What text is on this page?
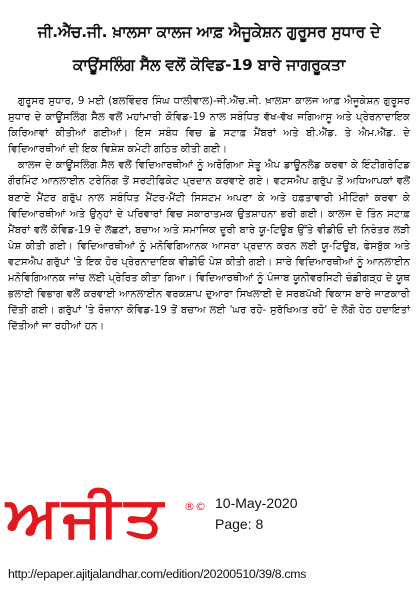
ਜੀ.ਐੱਚ.ਜੀ. ਖ਼ਾਲਸਾ ਕਾਲਜ ਆਫ਼ ਐਜੂਕੇਸ਼ਨ ਗੁਰੂਸਰ ਸੁਧਾਰ ਦੇ
ਕਾਊਂਸਲਿੰਗ ਸੈੱਲ ਵਲੋਂ ਕੋਵਿਡ-19 ਬਾਰੇ ਜਾਗਰੂਕਤਾ

ਗੁਰੂਸਰ ਸੁਧਾਰ, 9 ਮਈ (ਬਲਵਿੰਦਰ ਸਿੰਘ ਧਾਲੀਵਾਲ)-ਜੀ.ਐੱਚ.ਜੀ. ਖ਼ਾਲਸਾ ਕਾਲਜ ਆਫ਼ ਐਜੂਕੇਸ਼ਨ ਗੁਰੂਸਰ ਸੁਧਾਰ ਦੇ ਕਾਊਂਸਲਿੰਗ ਸੈੱਲ ਵਲੋਂ ਮਹਾਂਮਾਰੀ ਕੋਵਿਡ-19 ਨਾਲ ਸਬੰਧਿਤ ਵੱਖ-ਵੱਖ ਜਗਿਆਸੂ ਅਤੇ ਪ੍ਰੇਰਨਾਦਾਇਕ ਕਿਰਿਆਵਾਂ ਕੀਤੀਆਂ ਗਈਆਂ। ਇਸ ਸਬੰਧ ਵਿਚ ਛੇ ਸਟਾਫ਼ ਮੈਂਬਰਾਂ ਅਤੇ ਬੀ.ਐੱਡ. ਤੇ ਐਮ.ਐੱਡ. ਦੇ ਵਿਦਿਆਰਥੀਆਂ ਦੀ ਇਕ ਵਿਸ਼ੇਸ਼ ਕਮੇਟੀ ਗਠਿਤ ਕੀਤੀ ਗਈ।

ਕਾਲਜ ਦੇ ਕਾਊਂਸਲਿੰਗ ਸੈੱਲ ਵਲੋਂ ਵਿਦਿਆਰਥੀਆਂ ਨੂੰ ਅਰੋਗਿਆ ਸੇਤੂ ਐਪ ਡਾਊਨਲੋਡ ਕਰਵਾ ਕੇ ਇੰਟੀਗਰੇਟਿਡ ਗੌਰਮਿੰਟ ਆਨਲਾਈਨ ਟਰੇਨਿੰਗ ਤੋਂ ਸਰਟੀਫਿਕੇਟ ਪ੍ਰਦਾਨ ਕਰਵਾਏ ਗਏ। ਵਟਸਐਪ ਗਰੁੱਪ ਤੋਂ ਅਧਿਆਪਕਾਂ ਵਲੋਂ ਬਣਾਏ ਮੈਂਟਰ ਗਰੁੱਪ ਨਾਲ ਸਬੰਧਿਤ ਮੈਂਟਰ-ਮੈਂਟੀ ਸਿਸਟਮ ਅਪਣਾ ਕੇ ਅਤੇ ਹਫ਼ਤਾਵਾਰੀ ਮੀਟਿੰਗਾਂ ਕਰਵਾ ਕੇ ਵਿਦਿਆਰਥੀਆਂ ਅਤੇ ਉਨ੍ਹਾਂ ਦੇ ਪਰਿਵਾਰਾਂ ਵਿਚ ਸਕਾਰਾਤਮਕ ਉਤਸ਼ਾਹਨਾ ਭਰੀ ਗਈ। ਕਾਲਜ ਦੇ ਤਿੰਨ ਸਟਾਫ਼ ਮੈਂਬਰਾਂ ਵਲੋਂ ਕੋਵਿਡ-19 ਦੇ ਲੱਛਣਾਂ, ਬਚਾਅ ਅਤੇ ਸਮਾਜਿਕ ਦੂਰੀ ਬਾਰੇ ਯੂ-ਟਿਊਬ ਉੱਤੇ ਵੀਡੀਓ ਦੀ ਨਿਰੰਤਰ ਲੜੀ ਪੇਸ਼ ਕੀਤੀ ਗਈ। ਵਿਦਿਆਰਥੀਆਂ ਨੂੰ ਮਨੋਵਿਗਿਆਨਕ ਆਸਰਾ ਪ੍ਰਦਾਨ ਕਰਨ ਲਈ ਯੂ-ਟਿਊਬ, ਫੇਸਬੁੱਕ ਅਤੇ ਵਟਸਐਪ ਗਰੁੱਪਾਂ 'ਤੇ ਇਕ ਹੋਰ ਪ੍ਰੇਰਨਾਦਾਇਕ ਵੀਡੀਓ ਪੇਸ਼ ਕੀਤੀ ਗਈ। ਸਾਰੇ ਵਿਦਿਆਰਥੀਆਂ ਨੂੰ ਆਨਲਾਈਨ ਮਨੋਵਿਗਿਆਨਕ ਜਾਂਚ ਲਈ ਪ੍ਰੇਰਿਤ ਕੀਤਾ ਗਿਆ। ਵਿਦਿਆਰਥੀਆਂ ਨੂੰ ਪੰਜਾਬ ਯੂਨੀਵਰਸਿਟੀ ਚੰਡੀਗੜ੍ਹ ਦੇ ਯੂਥ ਭਲਾਈ ਵਿਭਾਗ ਵਲੋਂ ਕਰਵਾਈ ਆਨਲਾਈਨ ਵਰਕਸ਼ਾਪ ਦੁਆਰਾ ਸਿਖਲਾਈ ਦੇ ਸਰਬਪੱਖੀ ਵਿਕਾਸ ਬਾਰੇ ਜਾਣਕਾਰੀ ਦਿੱਤੀ ਗਈ। ਗਰੁੱਪਾਂ 'ਤੇ ਰੋਜ਼ਾਨਾ ਕੋਵਿਡ-19 ਤੋਂ ਬਚਾਅ ਲਈ 'ਘਰ ਰਹੋ- ਸੁਰੱਖਿਅਤ ਰਹੋ' ਦੇ ਲੋਗੋ ਹੇਠ ਹਦਾਇਤਾਂ ਦਿੱਤੀਆਂ ਜਾ ਰਹੀਆਂ ਹਨ।

ਅਜੀਤ	®© 10-May-2020
Page: 8
http://epaper.ajitjalandhar.com/edition/20200510/39/8.cms
